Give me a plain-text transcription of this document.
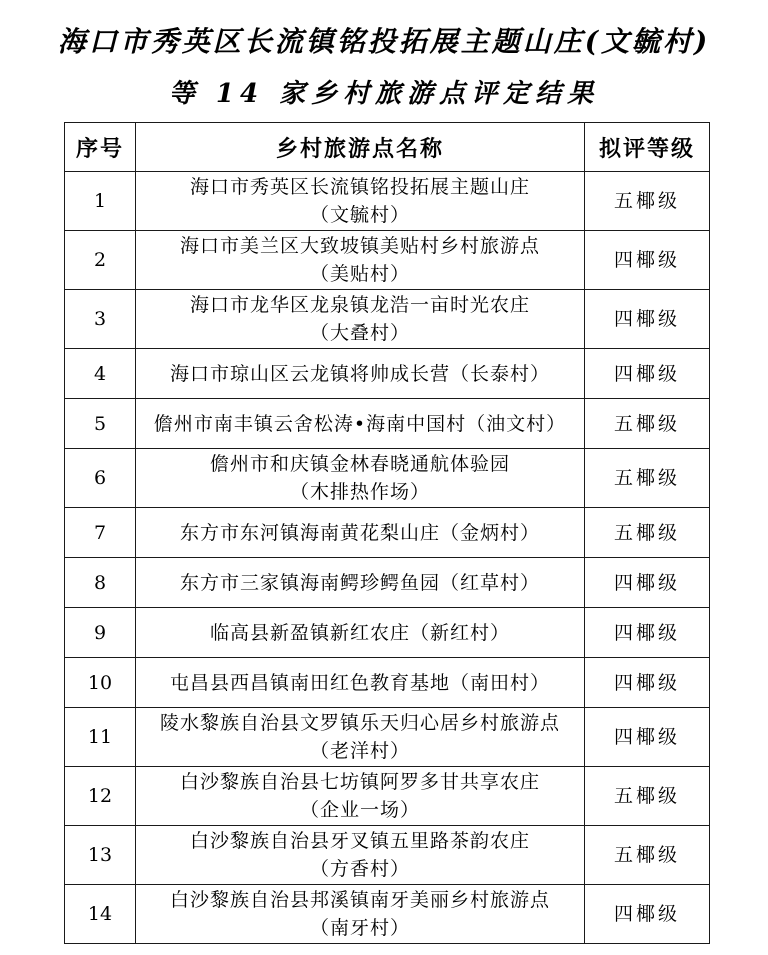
海口市秀英区长流镇铭投拓展主题山庄(文毓村)
等 14 家乡村旅游点评定结果
序号	乡村旅游点名称	拟评等级
1	海口市秀英区长流镇铭投拓展主题山庄
（文毓村）	五椰级
2	海口市美兰区大致坡镇美贴村乡村旅游点
（美贴村）	四椰级
3	海口市龙华区龙泉镇龙浩一亩时光农庄
（大叠村）	四椰级
4	海口市琼山区云龙镇将帅成长营（长泰村）	四椰级
5	儋州市南丰镇云舍松涛•海南中国村（油文村）	五椰级
6	儋州市和庆镇金林春晓通航体验园
（木排热作场）	五椰级
7	东方市东河镇海南黄花梨山庄（金炳村）	五椰级
8	东方市三家镇海南鳄珍鳄鱼园（红草村）	四椰级
9	临高县新盈镇新红农庄（新红村）	四椰级
10	屯昌县西昌镇南田红色教育基地（南田村）	四椰级
11	陵水黎族自治县文罗镇乐天归心居乡村旅游点
（老洋村）	四椰级
12	白沙黎族自治县七坊镇阿罗多甘共享农庄
（企业一场）	五椰级
13	白沙黎族自治县牙叉镇五里路茶韵农庄
（方香村）	五椰级
14	白沙黎族自治县邦溪镇南牙美丽乡村旅游点
（南牙村）	四椰级
